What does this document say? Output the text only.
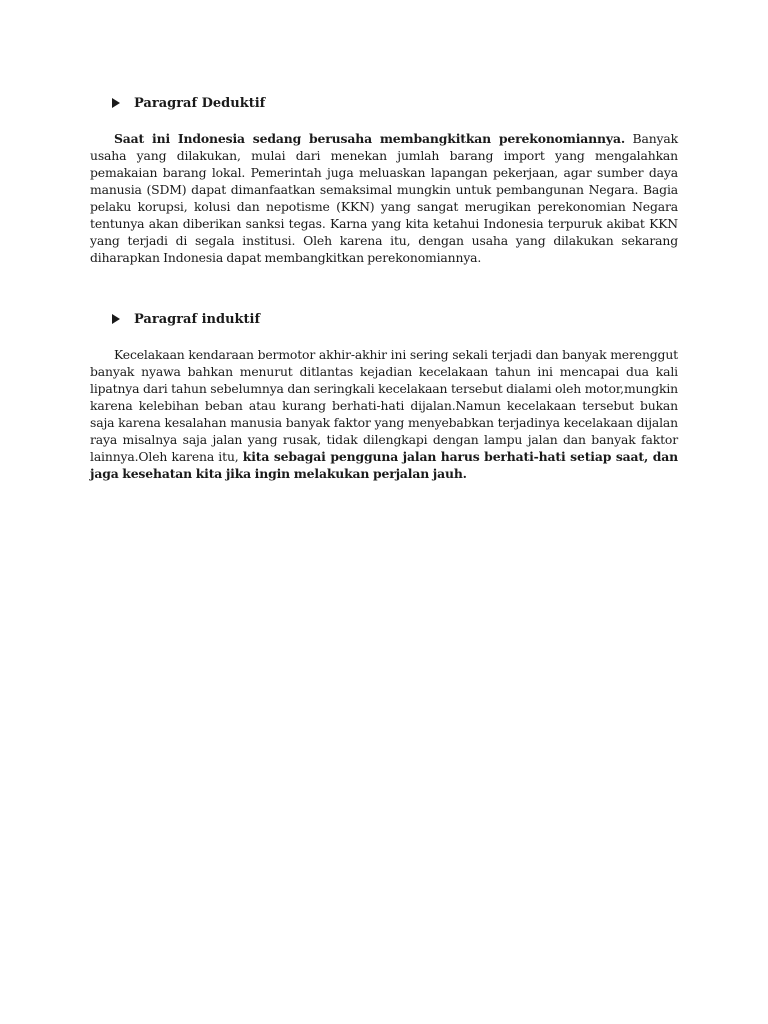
Paragraf Deduktif

Saat ini Indonesia sedang berusaha membangkitkan perekonomiannya. Banyak usaha yang dilakukan, mulai dari menekan jumlah barang import yang mengalahkan pemakaian barang lokal. Pemerintah juga meluaskan lapangan pekerjaan, agar sumber daya manusia (SDM) dapat dimanfaatkan semaksimal mungkin untuk pembangunan Negara. Bagia pelaku korupsi, kolusi dan nepotisme (KKN) yang sangat merugikan perekonomian Negara tentunya akan diberikan sanksi tegas. Karna yang kita ketahui Indonesia terpuruk akibat KKN yang terjadi di segala institusi. Oleh karena itu, dengan usaha yang dilakukan sekarang diharapkan Indonesia dapat membangkitkan perekonomiannya.

Paragraf induktif

Kecelakaan kendaraan bermotor akhir-akhir ini sering sekali terjadi dan banyak merenggut banyak nyawa bahkan menurut ditlantas kejadian kecelakaan tahun ini mencapai dua kali lipatnya dari tahun sebelumnya dan seringkali kecelakaan tersebut dialami oleh motor,mungkin karena kelebihan beban atau kurang berhati-hati dijalan.Namun kecelakaan tersebut bukan saja karena kesalahan manusia banyak faktor yang menyebabkan terjadinya kecelakaan dijalan raya misalnya saja jalan yang rusak, tidak dilengkapi dengan lampu jalan dan banyak faktor lainnya.Oleh karena itu, kita sebagai pengguna jalan harus berhati-hati setiap saat, dan jaga kesehatan kita jika ingin melakukan perjalan jauh.
